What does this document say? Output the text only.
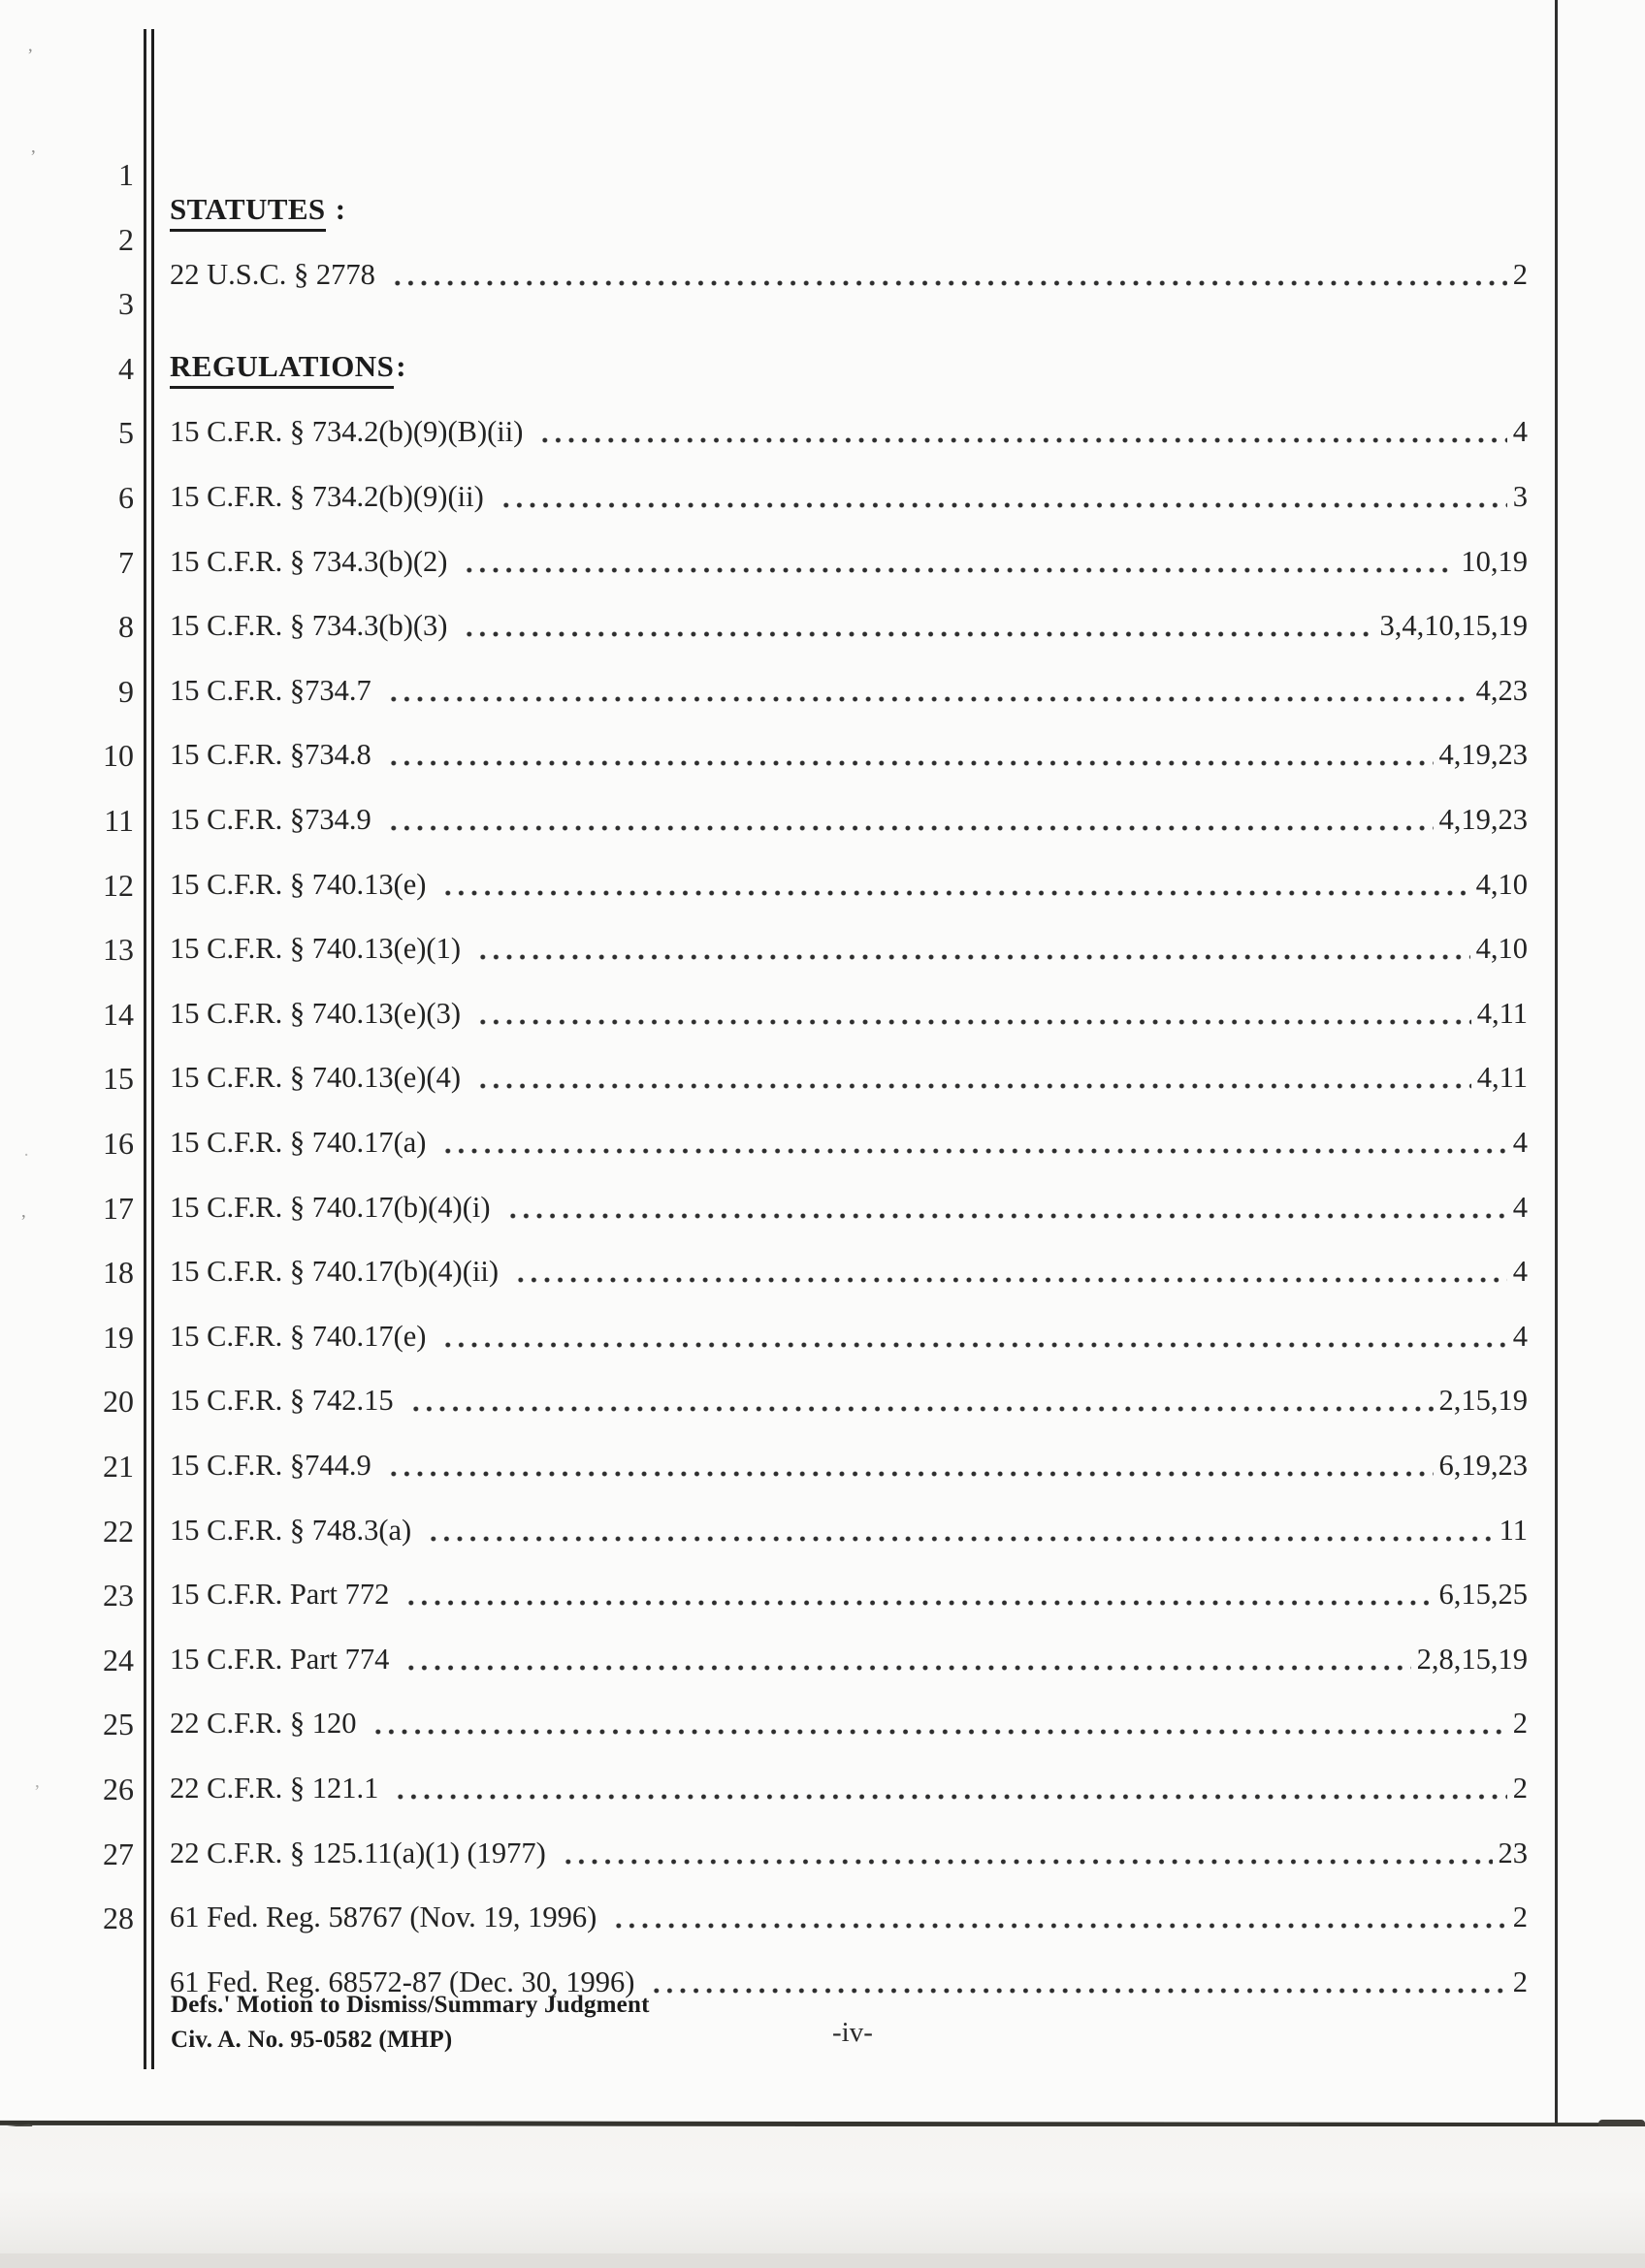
1
2
3
4
5
6
7
8
9
10
11
12
13
14
15
16
17
18
19
20
21
22
23
24
25
26
27
28
STATUTES :
REGULATIONS:
22 U.S.C. § 2778	2
15 C.F.R. § 734.2(b)(9)(B)(ii)	4
15 C.F.R. § 734.2(b)(9)(ii)	3
15 C.F.R. § 734.3(b)(2)	10,19
15 C.F.R. § 734.3(b)(3)	3,4,10,15,19
15 C.F.R. §734.7	4,23
15 C.F.R. §734.8	4,19,23
15 C.F.R. §734.9	4,19,23
15 C.F.R. § 740.13(e)	4,10
15 C.F.R. § 740.13(e)(1)	4,10
15 C.F.R. § 740.13(e)(3)	4,11
15 C.F.R. § 740.13(e)(4)	4,11
15 C.F.R. § 740.17(a)	4
15 C.F.R. § 740.17(b)(4)(i)	4
15 C.F.R. § 740.17(b)(4)(ii)	4
15 C.F.R. § 740.17(e)	4
15 C.F.R. § 742.15	2,15,19
15 C.F.R. §744.9	6,19,23
15 C.F.R. § 748.3(a)	11
15 C.F.R. Part 772	6,15,25
15 C.F.R. Part 774	2,8,15,19
22 C.F.R. § 120	2
22 C.F.R. § 121.1	2
22 C.F.R. § 125.11(a)(1) (1977)	23
61 Fed. Reg. 58767 (Nov. 19, 1996)	2
61 Fed. Reg. 68572-87 (Dec. 30, 1996)	2
Defs.' Motion to Dismiss/Summary Judgment
Civ. A. No. 95-0582 (MHP)	-iv-
’
,
·
,
,
